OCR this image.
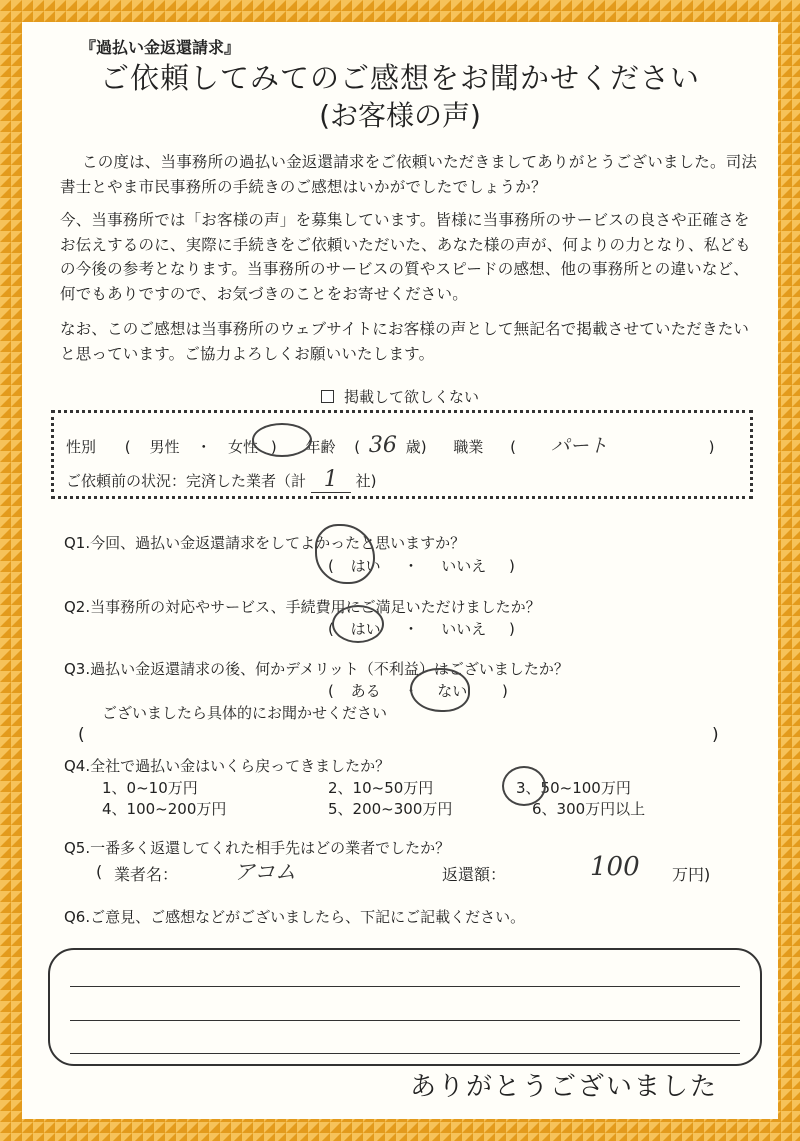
『過払い金返還請求』
ご依頼してみてのご感想をお聞かせください
(お客様の声)
この度は、当事務所の過払い金返還請求をご依頼いただきましてありがとうございました。司法書士とやま市民事務所の手続きのご感想はいかがでしたでしょうか？
今、当事務所では「お客様の声」を募集しています。皆様に当事務所のサービスの良さや正確さをお伝えするのに、実際に手続きをご依頼いただいた、あなた様の声が、何よりの力となり、私どもの今後の参考となります。当事務所のサービスの質やスピードの感想、他の事務所との違いなど、何でもありですので、お気づきのことをお寄せください。
なお、このご感想は当事務所のウェブサイトにお客様の声として無記名で掲載させていただきたいと思っています。ご協力よろしくお願いいたします。
掲載して欲しくない
性別 ( 男性 ・ 女性 ) 年齢 ( 36 歳) 職業 ( パート	)
ご依頼前の状況：完済した業者（計 1 社)
Q1.今回、過払い金返還請求をしてよかったと思いますか？
( はい ・ いいえ )
Q2.当事務所の対応やサービス、手続費用にご満足いただけましたか？
( はい ・ いいえ )
Q3.過払い金返還請求の後、何かデメリット（不利益）はございましたか？
( ある ・ ない )
ございましたら具体的にお聞かせください
(	)
Q4.全社で過払い金はいくら戻ってきましたか？
1、0~10万円	2、10~50万円	3、50~100万円
4、100~200万円	5、200~300万円	6、300万円以上
Q5.一番多く返還してくれた相手先はどの業者でしたか？
( 業者名：	アコム	返還額：	100 万円)
Q6.ご意見、ご感想などがございましたら、下記にご記載ください。
ありがとうございました
